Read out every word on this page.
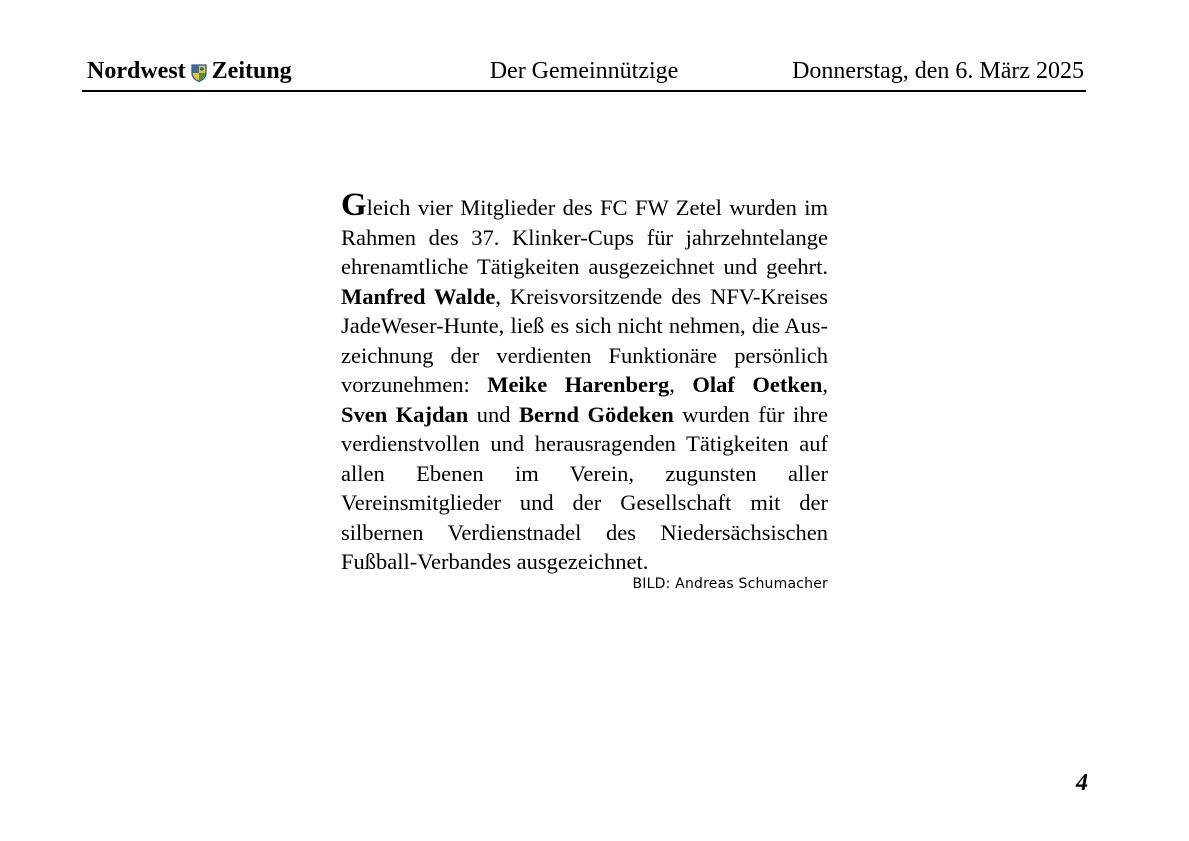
Nordwest Zeitung	Der Gemeinnützige	Donnerstag, den 6. März 2025

Gleich vier Mitglieder des FC FW Zetel wurden im Rahmen des 37. Klinker-Cups für jahrzehntelange ehrenamtliche Tätigkeiten ausgezeichnet und geehrt. Manfred Walde, Kreisvorsitzende des NFV-Kreises JadeWeser-Hunte, ließ es sich nicht nehmen, die Auszeichnung der verdienten Funktionäre persönlich vorzunehmen: Meike Harenberg, Olaf Oetken, Sven Kajdan und Bernd Gödeken wurden für ihre verdienstvollen und herausragenden Tätigkeiten auf allen Ebenen im Verein, zugunsten aller Vereinsmitglieder und der Gesellschaft mit der silbernen Verdienstnadel des Niedersächsischen Fußball-Verbandes ausgezeichnet.

BILD: Andreas Schumacher
4
